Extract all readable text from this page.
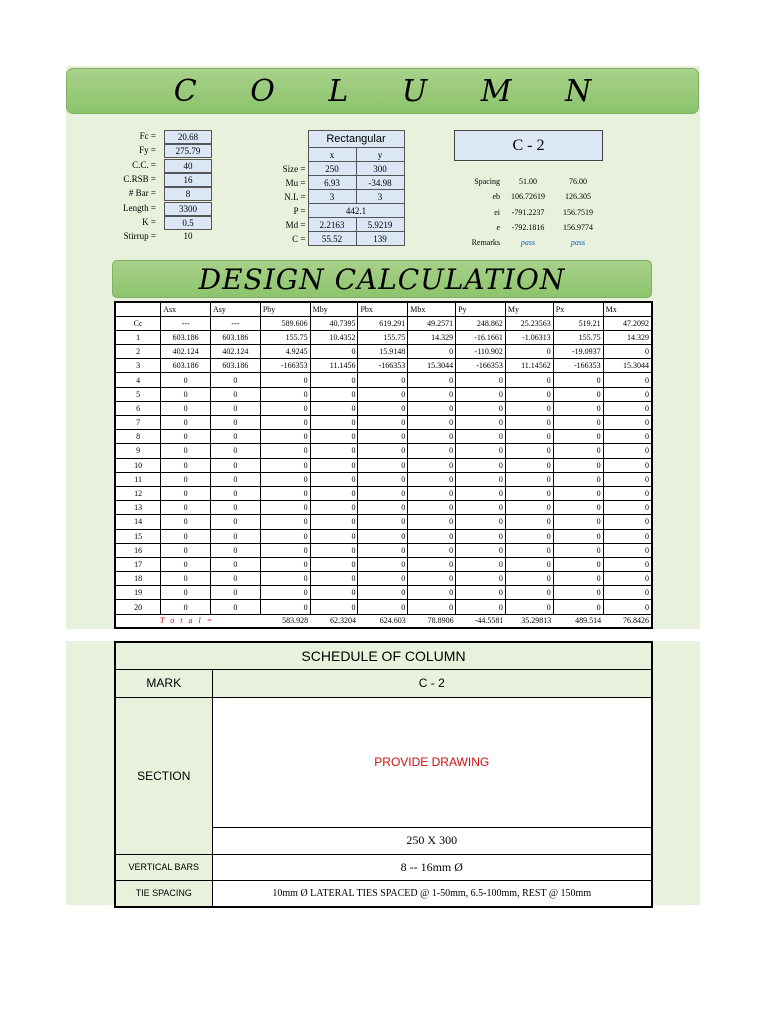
C O L U M N
Fc =	20.68
Fy =	275.79
C.C. =	40
C.RSB =	16
# Bar =	8
Length =	3300
K =	0.5
Stirrup =	10
	Rectangular	
	x	y
Size =	250	300
Mu =	6.93	-34.98
N.L =	3	3
P =	442.1	
Md =	2.2163	5.9219
C =	55.52	139
C - 2
Spacing	51.00	76.00
eb	106.72619	126.305
ei	-791.2237	156.7519
e	-792.1816	156.9774
Remarks	pass	pass
DESIGN CALCULATION
	Asx	Asy	Pby	Mby	Pbx	Mbx	Py	My	Px	Mx
Cc	---	---	589.606	40.7395	619.291	49.2571	248.862	25.23563	519.21	47.2092
1	603.186	603.186	155.75	10.4352	155.75	14.329	-16.1661	-1.06313	155.75	14.329
2	402.124	402.124	4.9245	0	15.9148	0	-110.902	0	-19.0937	0
3	603.186	603.186	-166353	11.1456	-166353	15.3044	-166353	11.14562	-166353	15.3044
4	0	0	0	0	0	0	0	0	0	0
5	0	0	0	0	0	0	0	0	0	0
6	0	0	0	0	0	0	0	0	0	0
7	0	0	0	0	0	0	0	0	0	0
8	0	0	0	0	0	0	0	0	0	0
9	0	0	0	0	0	0	0	0	0	0
10	0	0	0	0	0	0	0	0	0	0
11	0	0	0	0	0	0	0	0	0	0
12	0	0	0	0	0	0	0	0	0	0
13	0	0	0	0	0	0	0	0	0	0
14	0	0	0	0	0	0	0	0	0	0
15	0	0	0	0	0	0	0	0	0	0
16	0	0	0	0	0	0	0	0	0	0
17	0	0	0	0	0	0	0	0	0	0
18	0	0	0	0	0	0	0	0	0	0
19	0	0	0	0	0	0	0	0	0	0
20	0	0	0	0	0	0	0	0	0	0
T o t a l =			583.928	62.3204	624.603	78.8906	-44.5581	35.29813	489.514	76.8426
SCHEDULE OF COLUMN	
MARK	C - 2
SECTION	PROVIDE DRAWING
	250 X 300
VERTICAL BARS	8 -- 16mm Ø
TIE SPACING	10mm Ø LATERAL TIES SPACED @ 1-50mm, 6.5-100mm, REST @ 150mm
